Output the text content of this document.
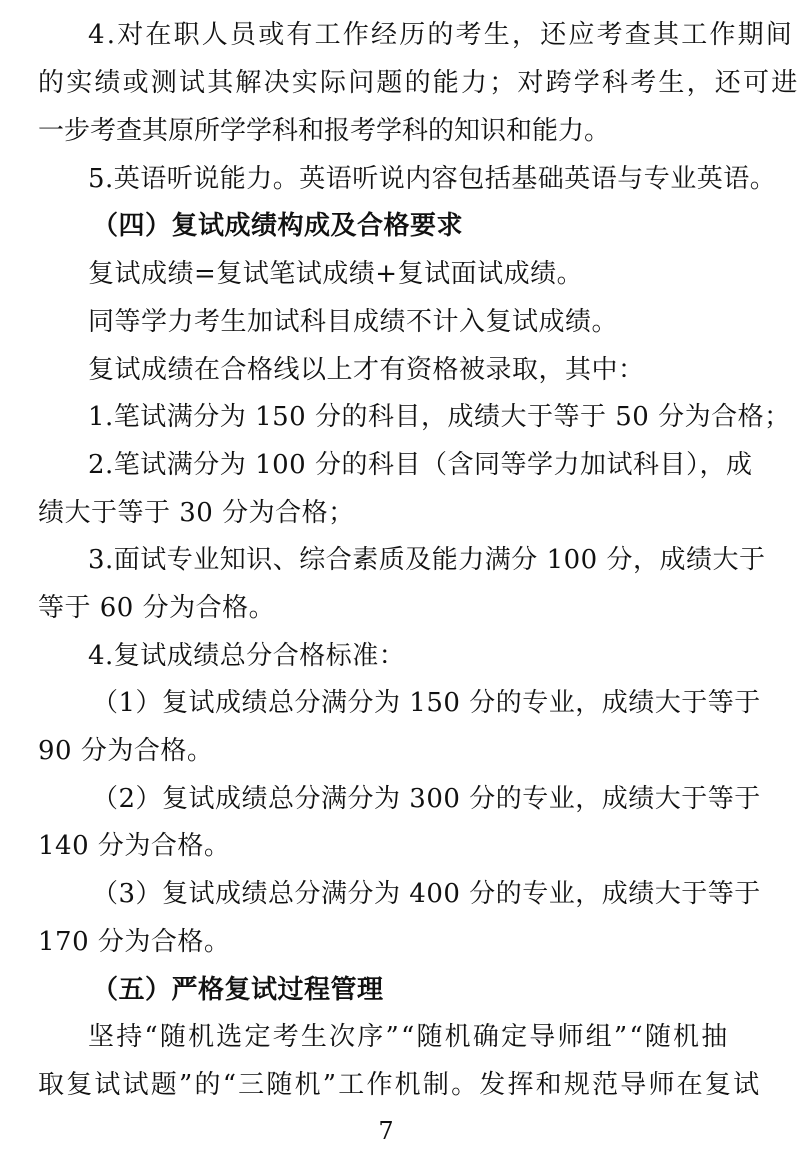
4.对在职人员或有工作经历的考生，还应考查其工作期间
的实绩或测试其解决实际问题的能力；对跨学科考生，还可进
一步考查其原所学学科和报考学科的知识和能力。
5.英语听说能力。英语听说内容包括基础英语与专业英语。
（四）复试成绩构成及合格要求
复试成绩=复试笔试成绩+复试面试成绩。
同等学力考生加试科目成绩不计入复试成绩。
复试成绩在合格线以上才有资格被录取，其中：
1.笔试满分为 150 分的科目，成绩大于等于 50 分为合格；
2.笔试满分为 100 分的科目（含同等学力加试科目），成
绩大于等于 30 分为合格；
3.面试专业知识、综合素质及能力满分 100 分，成绩大于
等于 60 分为合格。
4.复试成绩总分合格标准：
（1）复试成绩总分满分为 150 分的专业，成绩大于等于
90 分为合格。
（2）复试成绩总分满分为 300 分的专业，成绩大于等于
140 分为合格。
（3）复试成绩总分满分为 400 分的专业，成绩大于等于
170 分为合格。
（五）严格复试过程管理
坚持“随机选定考生次序”“随机确定导师组”“随机抽
取复试试题”的“三随机”工作机制。发挥和规范导师在复试
7
